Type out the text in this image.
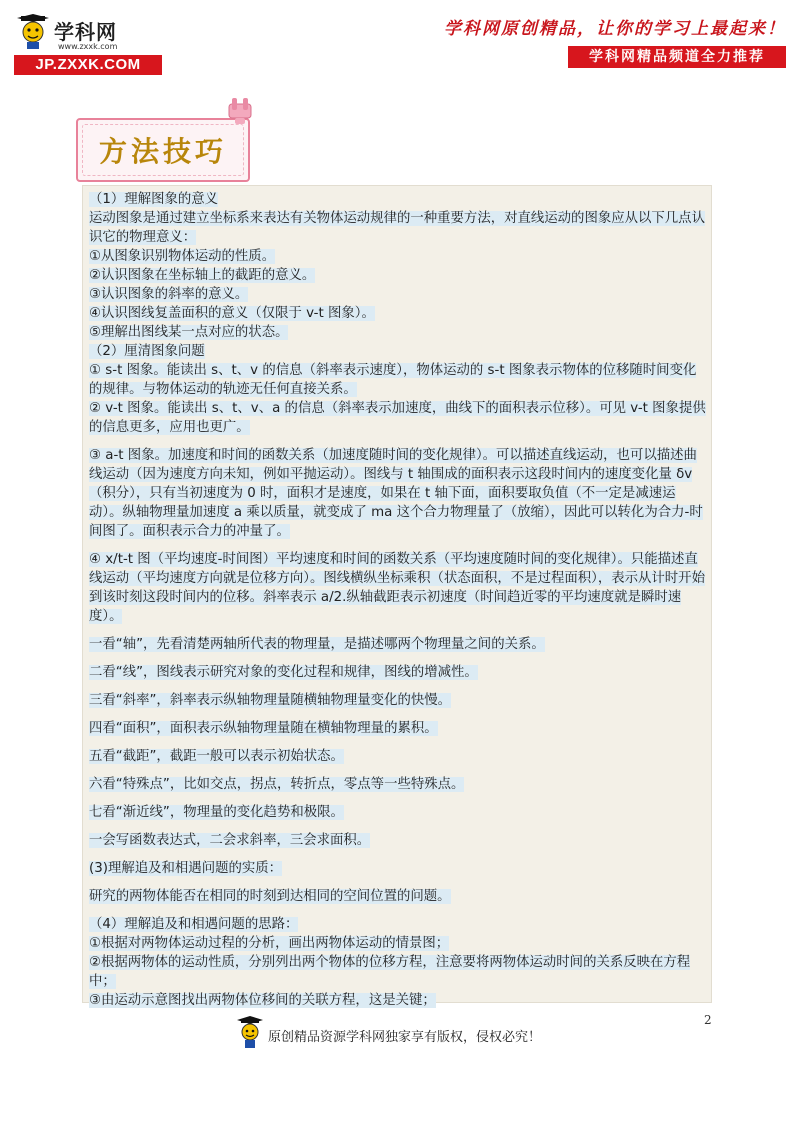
学科网
www.zxxk.com
JP.ZXXK.COM
学科网原创精品，让你的学习上最起来！
学科网精品频道全力推荐
方法技巧

（1）理解图象的意义

运动图象是通过建立坐标系来表达有关物体运动规律的一种重要方法，对直线运动的图象应从以下几点认识它的物理意义：

①从图象识别物体运动的性质。

②认识图象在坐标轴上的截距的意义。

③认识图象的斜率的意义。

④认识图线复盖面积的意义（仅限于 v-t 图象）。

⑤理解出图线某一点对应的状态。

（2）厘清图象问题

① s-t 图象。能读出 s、t、v 的信息（斜率表示速度），物体运动的 s-t 图象表示物体的位移随时间变化的规律。与物体运动的轨迹无任何直接关系。

② v-t 图象。能读出 s、t、v、a 的信息（斜率表示加速度，曲线下的面积表示位移）。可见 v-t 图象提供的信息更多，应用也更广。

③ a-t 图象。加速度和时间的函数关系（加速度随时间的变化规律）。可以描述直线运动，也可以描述曲线运动（因为速度方向未知，例如平抛运动）。图线与 t 轴围成的面积表示这段时间内的速度变化量 δv（积分），只有当初速度为 0 时，面积才是速度，如果在 t 轴下面，面积要取负值（不一定是减速运动）。纵轴物理量加速度 a 乘以质量，就变成了 ma 这个合力物理量了（放缩），因此可以转化为合力-时间图了。面积表示合力的冲量了。

④ x/t-t 图（平均速度-时间图）平均速度和时间的函数关系（平均速度随时间的变化规律）。只能描述直线运动（平均速度方向就是位移方向）。图线横纵坐标乘积（状态面积，不是过程面积），表示从计时开始到该时刻这段时间内的位移。斜率表示 a/2.纵轴截距表示初速度（时间趋近零的平均速度就是瞬时速度）。

一看“轴”，先看清楚两轴所代表的物理量，是描述哪两个物理量之间的关系。

二看“线”，图线表示研究对象的变化过程和规律，图线的增减性。

三看“斜率”，斜率表示纵轴物理量随横轴物理量变化的快慢。

四看“面积”，面积表示纵轴物理量随在横轴物理量的累积。

五看“截距”，截距一般可以表示初始状态。

六看“特殊点”，比如交点，拐点，转折点，零点等一些特殊点。

七看“渐近线”，物理量的变化趋势和极限。

一会写函数表达式，二会求斜率，三会求面积。

(3)理解追及和相遇问题的实质：

研究的两物体能否在相同的时刻到达相同的空间位置的问题。

（4）理解追及和相遇问题的思路：

①根据对两物体运动过程的分析，画出两物体运动的情景图；

②根据两物体的运动性质，分别列出两个物体的位移方程，注意要将两物体运动时间的关系反映在方程中；

③由运动示意图找出两物体位移间的关联方程，这是关键；

2
原创精品资源学科网独家享有版权，侵权必究！
